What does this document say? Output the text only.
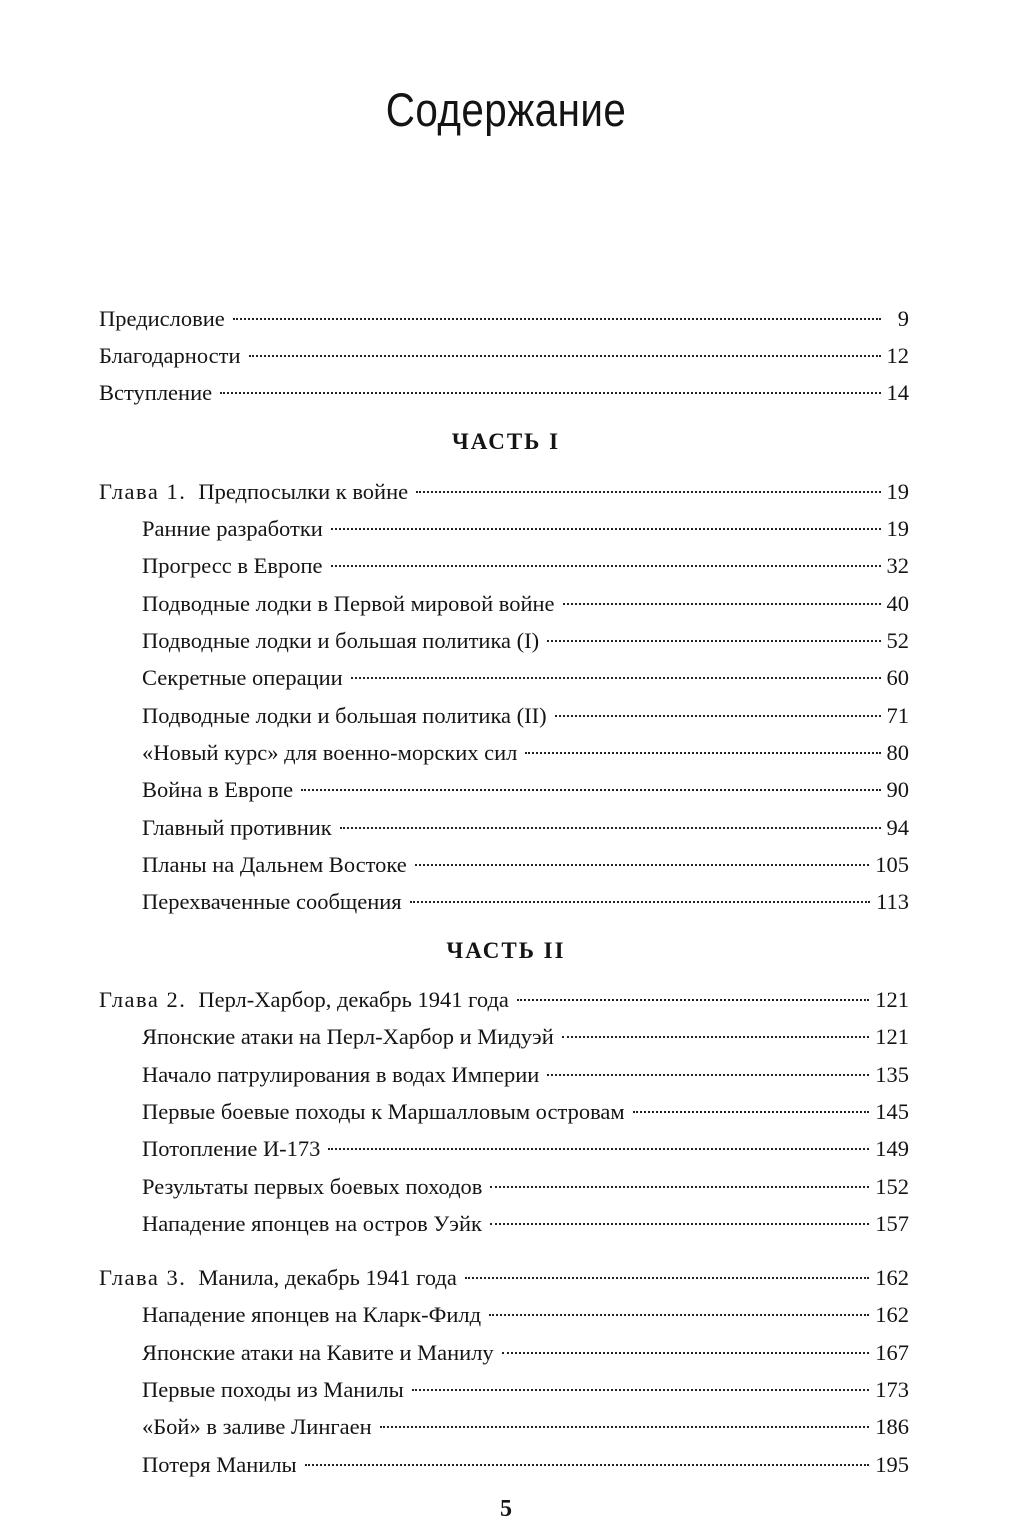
Содержание
Предисловие	9
Благодарности	12
Вступление	14
ЧАСТЬ I
Глава 1. Предпосылки к войне	19
Ранние разработки	19
Прогресс в Европе	32
Подводные лодки в Первой мировой войне	40
Подводные лодки и большая политика (I)	52
Секретные операции	60
Подводные лодки и большая политика (II)	71
«Новый курс» для военно-морских сил	80
Война в Европе	90
Главный противник	94
Планы на Дальнем Востоке	105
Перехваченные сообщения	113
ЧАСТЬ II
Глава 2. Перл-Харбор, декабрь 1941 года	121
Японские атаки на Перл-Харбор и Мидуэй	121
Начало патрулирования в водах Империи	135
Первые боевые походы к Маршалловым островам	145
Потопление И-173	149
Результаты первых боевых походов	152
Нападение японцев на остров Уэйк	157
Глава 3. Манила, декабрь 1941 года	162
Нападение японцев на Кларк-Филд	162
Японские атаки на Кавите и Манилу	167
Первые походы из Манилы	173
«Бой» в заливе Лингаен	186
Потеря Манилы	195
5
